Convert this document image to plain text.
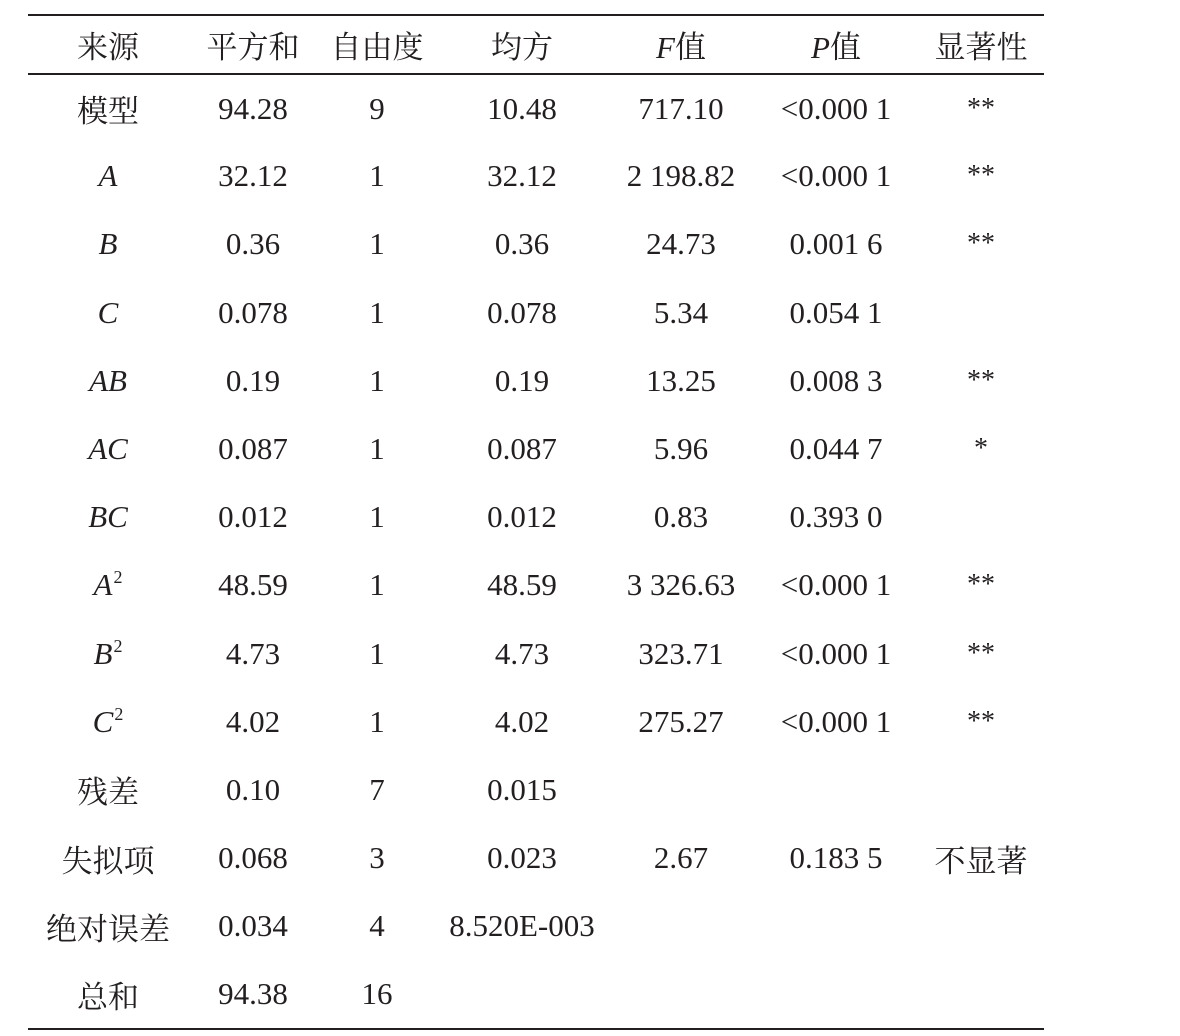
来源	平方和	自由度	均方	F值	P值	显著性
模型	94.28	9	10.48	717.10	<0.000 1	**
A	32.12	1	32.12	2 198.82	<0.000 1	**
B	0.36	1	0.36	24.73	0.001 6	**
C	0.078	1	0.078	5.34	0.054 1	
AB	0.19	1	0.19	13.25	0.008 3	**
AC	0.087	1	0.087	5.96	0.044 7	*
BC	0.012	1	0.012	0.83	0.393 0	
$A^2$	48.59	1	48.59	3 326.63	<0.000 1	**
$B^2$	4.73	1	4.73	323.71	<0.000 1	**
$C^2$	4.02	1	4.02	275.27	<0.000 1	**
残差	0.10	7	0.015			
失拟项	0.068	3	0.023	2.67	0.183 5	不显著
绝对误差	0.034	4	8.520E-003			
总和	94.38	16				
